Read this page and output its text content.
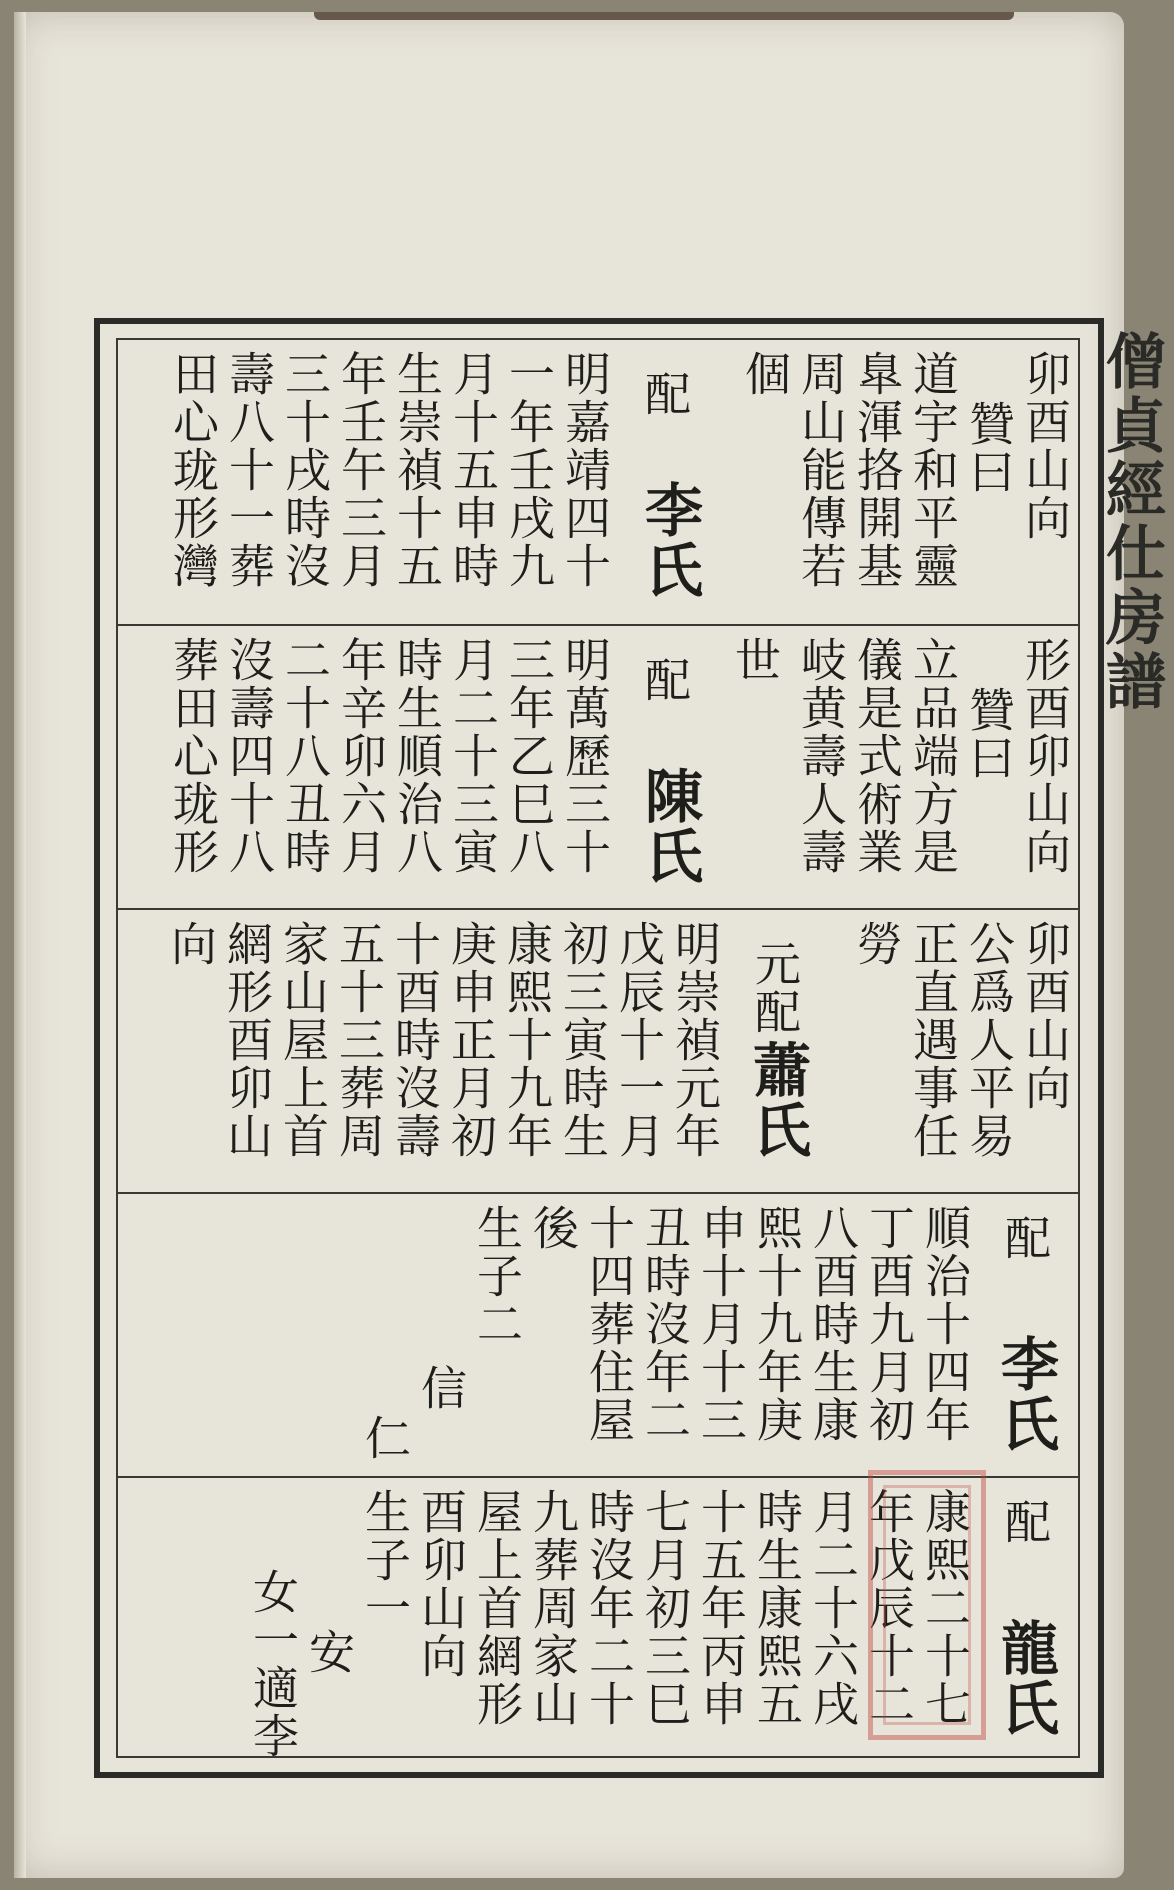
僧貞經仕房譜
卯酉山向
贊曰
道宇和平靈
臯渾挌開基
周山能傳若
個
配
李氏
明嘉靖四十
一年壬戌九
月十五申時
生崇禎十五
年壬午三月
三十戌時沒
壽八十一葬
田心珑形灣
形酉卯山向
贊曰
立品端方是
儀是式術業
岐黄壽人壽
世
配
陳氏
明萬歷三十
三年乙巳八
月二十三寅
時生順治八
年辛卯六月
二十八丑時
沒壽四十八
葬田心珑形
卯酉山向
公爲人平易
正直遇事任
勞
元配
蕭氏
明崇禎元年
戊辰十一月
初三寅時生
康熙十九年
庚申正月初
十酉時沒壽
五十三葬周
家山屋上首
網形酉卯山
向
配
李氏
順治十四年
丁酉九月初
八酉時生康
熙十九年庚
申十月十三
丑時沒年二
十四葬住屋
後
生子二
信
仁
配
龍氏
康熙二十七
年戊辰十二
月二十六戌
時生康熙五
十五年丙申
七月初三巳
時沒年二十
九葬周家山
屋上首網形
酉卯山向
生子一
安
女一適李
